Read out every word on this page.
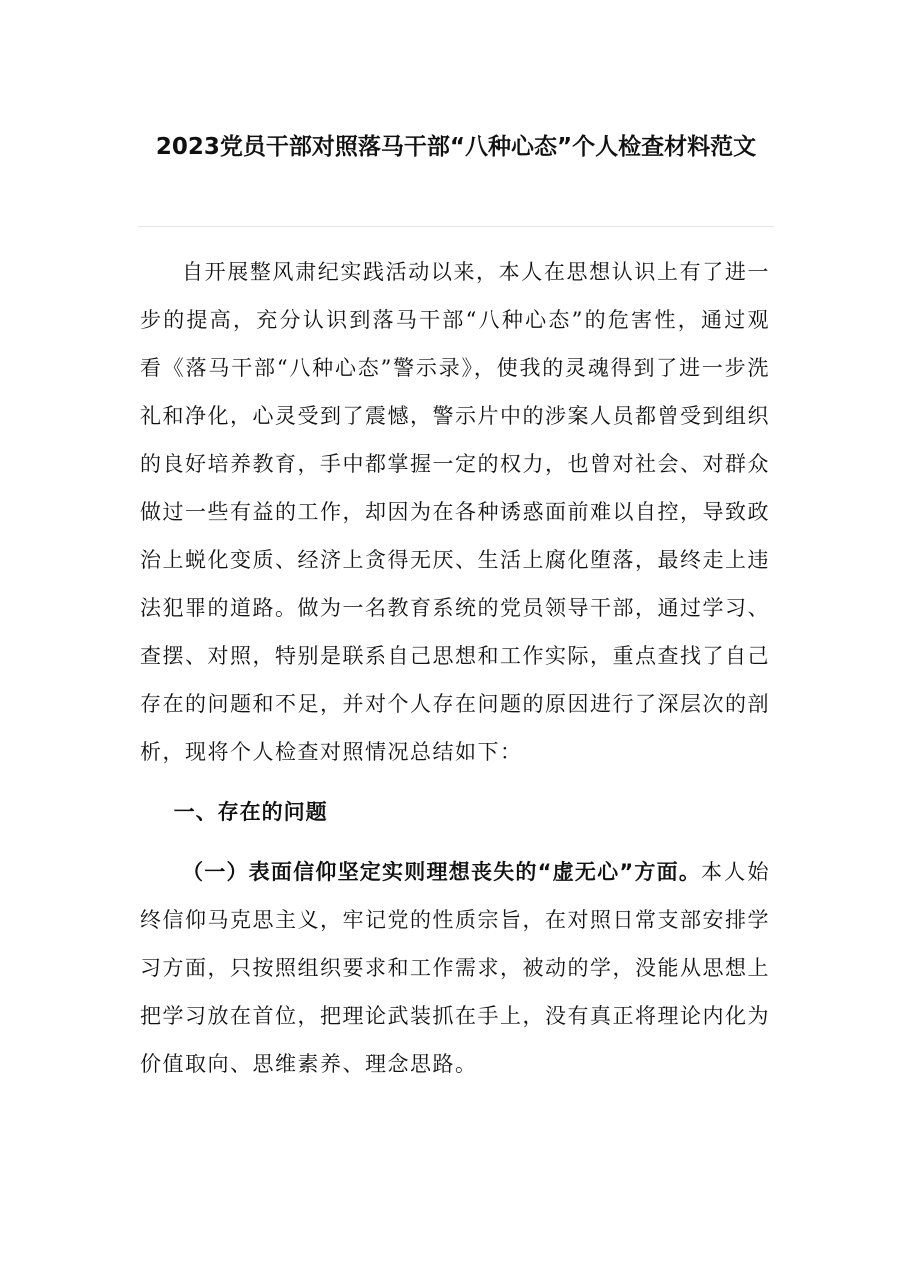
2023党员干部对照落马干部“八种心态”个人检查材料范文

自开展整风肃纪实践活动以来，本人在思想认识上有了进一步的提高，充分认识到落马干部“八种心态”的危害性，通过观看《落马干部“八种心态”警示录》，使我的灵魂得到了进一步洗礼和净化，心灵受到了震憾，警示片中的涉案人员都曾受到组织的良好培养教育，手中都掌握一定的权力，也曾对社会、对群众做过一些有益的工作，却因为在各种诱惑面前难以自控，导致政治上蜕化变质、经济上贪得无厌、生活上腐化堕落，最终走上违法犯罪的道路。做为一名教育系统的党员领导干部，通过学习、查摆、对照，特别是联系自己思想和工作实际，重点查找了自己存在的问题和不足，并对个人存在问题的原因进行了深层次的剖析，现将个人检查对照情况总结如下：

一、存在的问题

（一）表面信仰坚定实则理想丧失的“虚无心”方面。本人始终信仰马克思主义，牢记党的性质宗旨，在对照日常支部安排学习方面，只按照组织要求和工作需求，被动的学，没能从思想上把学习放在首位，把理论武装抓在手上，没有真正将理论内化为价值取向、思维素养、理念思路。
